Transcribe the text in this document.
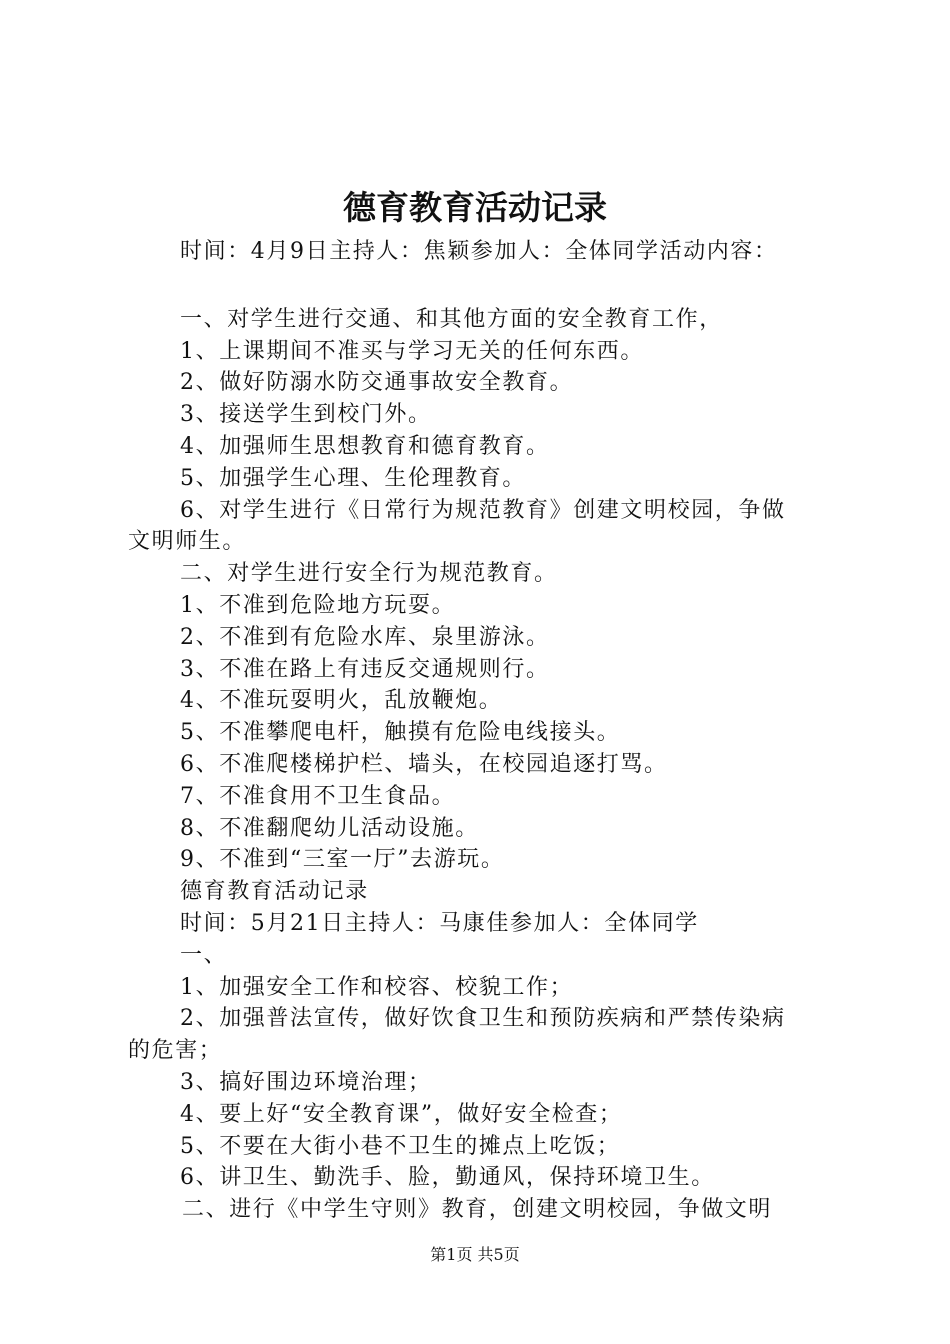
德育教育活动记录
时间：4月9日主持人：焦颖参加人：全体同学活动内容：
一、对学生进行交通、和其他方面的安全教育工作，
1、上课期间不准买与学习无关的任何东西。
2、做好防溺水防交通事故安全教育。
3、接送学生到校门外。
4、加强师生思想教育和德育教育。
5、加强学生心理、生伦理教育。
6、对学生进行《日常行为规范教育》创建文明校园，争做
文明师生。
二、对学生进行安全行为规范教育。
1、不准到危险地方玩耍。
2、不准到有危险水库、泉里游泳。
3、不准在路上有违反交通规则行。
4、不准玩耍明火，乱放鞭炮。
5、不准攀爬电杆，触摸有危险电线接头。
6、不准爬楼梯护栏、墙头，在校园追逐打骂。
7、不准食用不卫生食品。
8、不准翻爬幼儿活动设施。
9、不准到“三室一厅”去游玩。
德育教育活动记录
时间：5月21日主持人：马康佳参加人：全体同学
一、
1、加强安全工作和校容、校貌工作；
2、加强普法宣传，做好饮食卫生和预防疾病和严禁传染病
的危害；
3、搞好围边环境治理；
4、要上好“安全教育课”，做好安全检查；
5、不要在大街小巷不卫生的摊点上吃饭；
6、讲卫生、勤洗手、脸，勤通风，保持环境卫生。
二、进行《中学生守则》教育，创建文明校园，争做文明
第1页 共5页
